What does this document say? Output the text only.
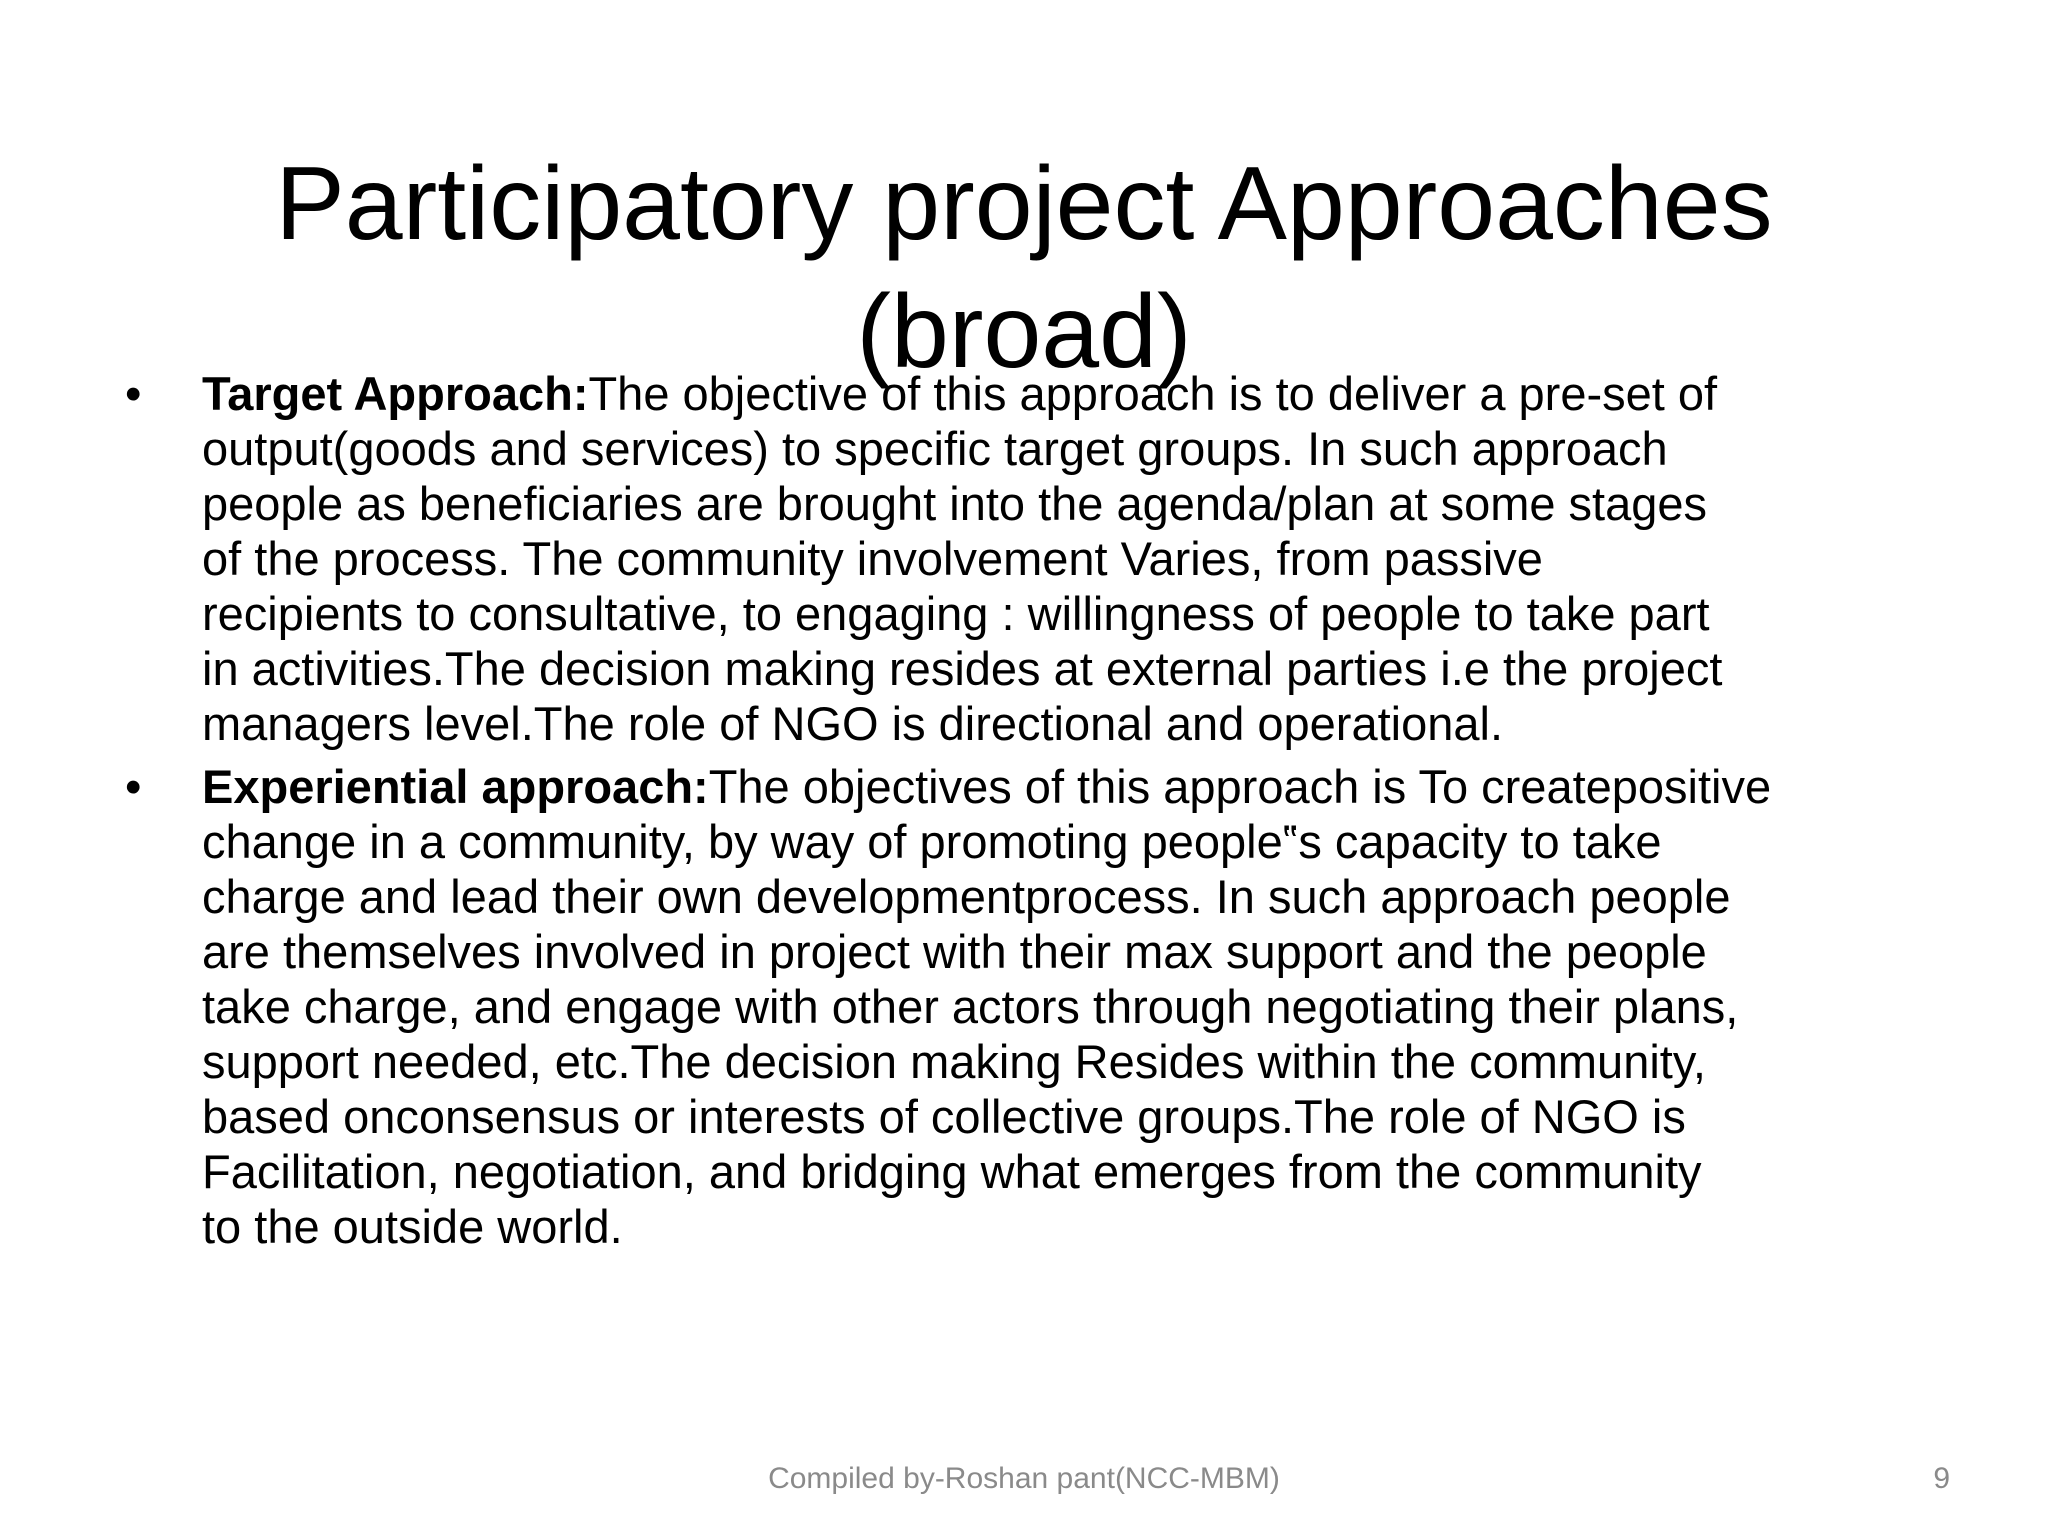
Participatory project Approaches
(broad)
• Target Approach:The objective of this approach is to deliver a pre-set of
output(goods and services) to specific target groups. In such approach
people as beneficiaries are brought into the agenda/plan at some stages
of the process. The community involvement Varies, from passive
recipients to consultative, to engaging : willingness of people to take part
in activities.The decision making resides at external parties i.e the project
managers level.The role of NGO is directional and operational.
• Experiential approach:The objectives of this approach is To createpositive
change in a community, by way of promoting people‟s capacity to take
charge and lead their own developmentprocess. In such approach people
are themselves involved in project with their max support and the people
take charge, and engage with other actors through negotiating their plans,
support needed, etc.The decision making Resides within the community,
based onconsensus or interests of collective groups.The role of NGO is
Facilitation, negotiation, and bridging what emerges from the community
to the outside world.
Compiled by-Roshan pant(NCC-MBM)	9
